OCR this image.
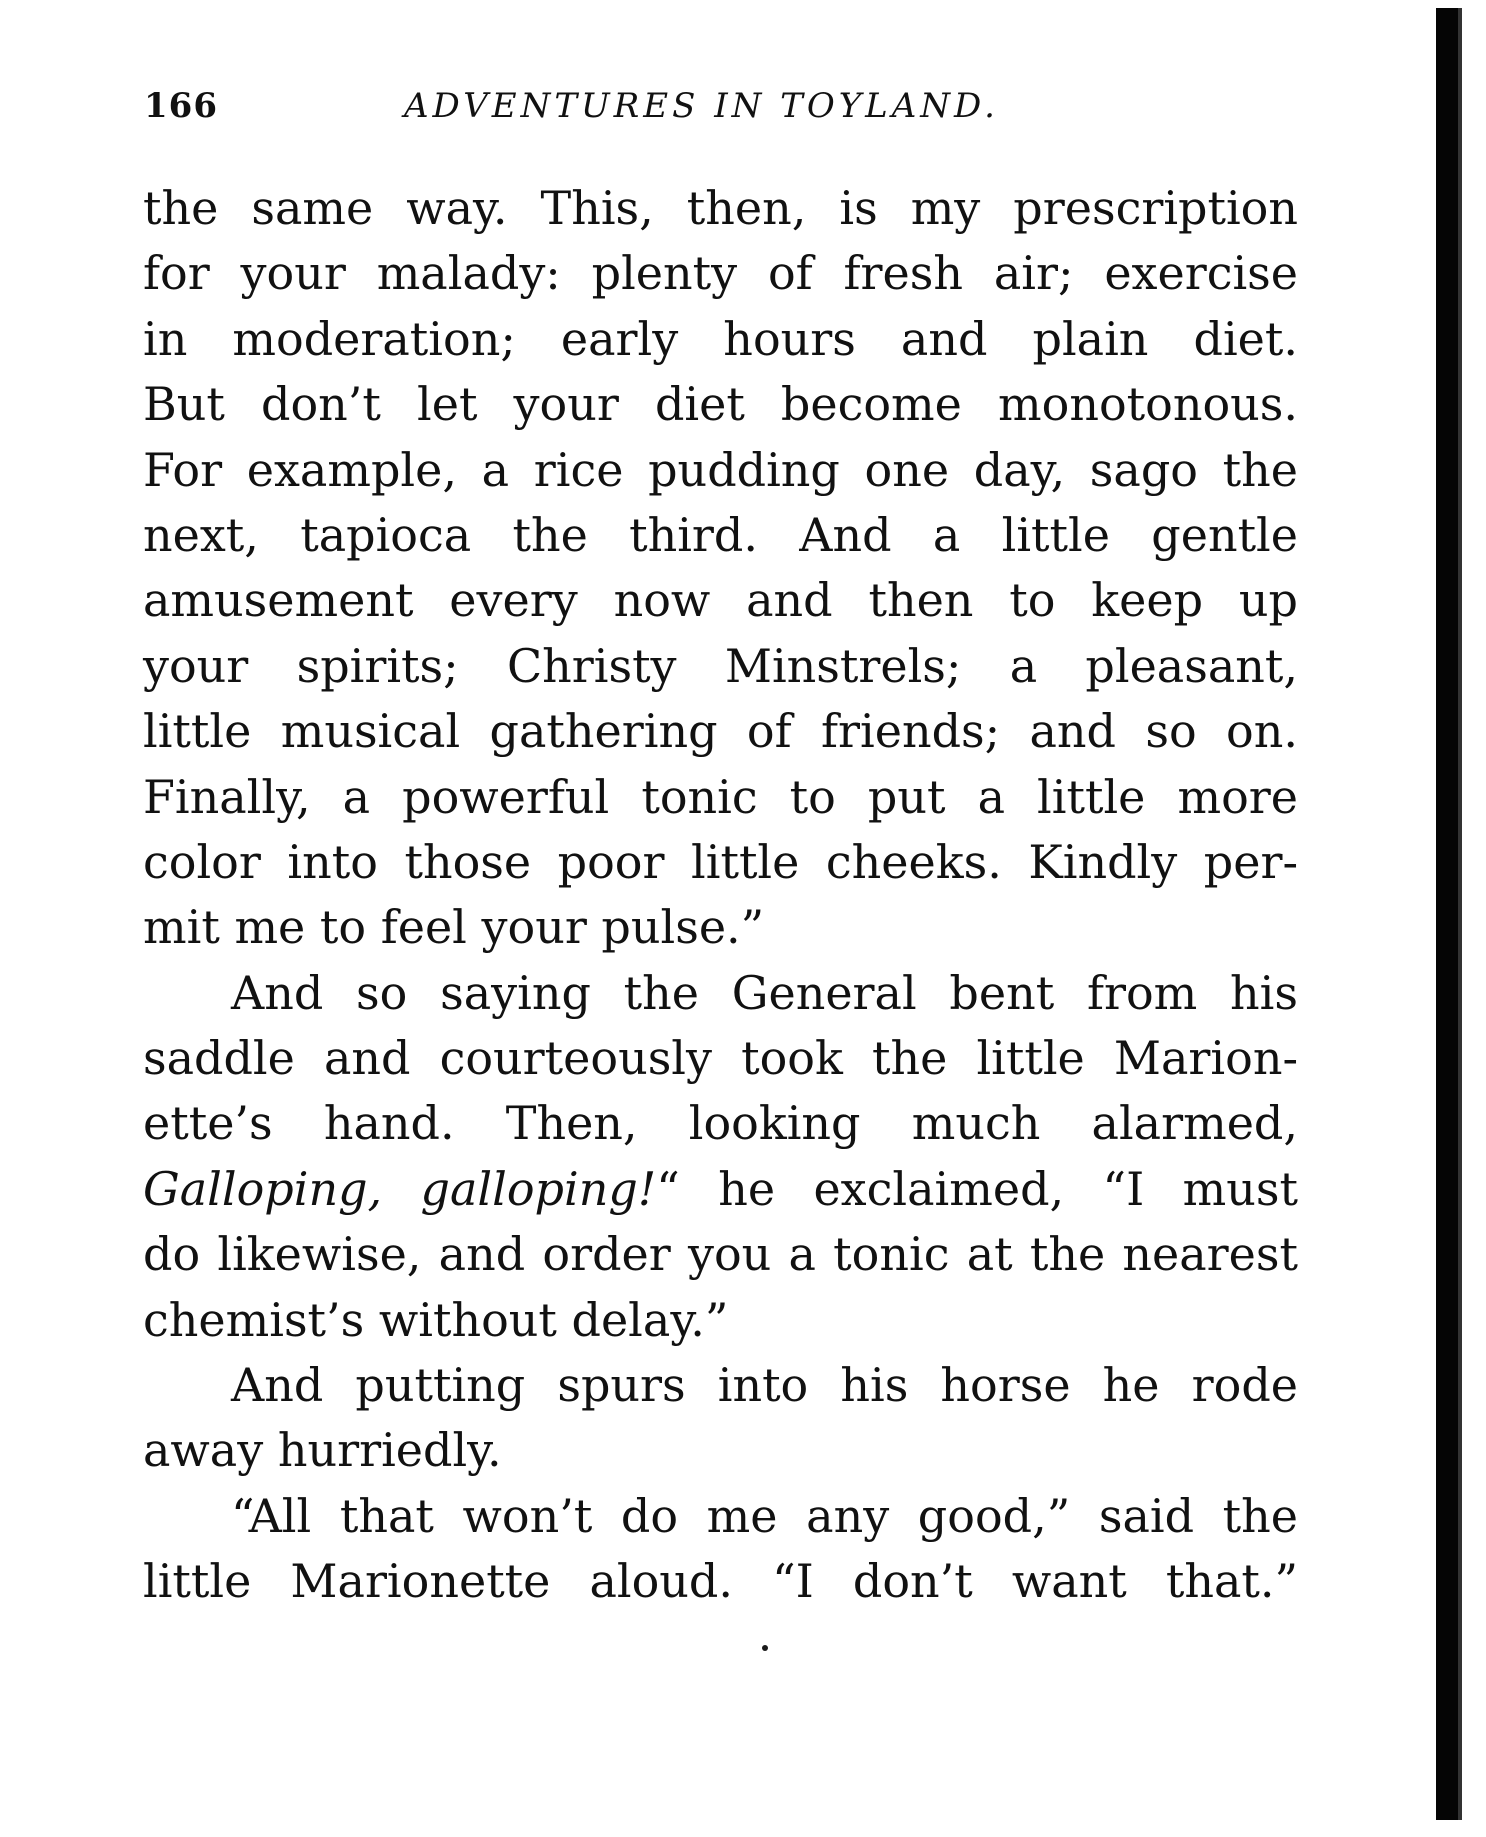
166	ADVENTURES IN TOYLAND.
the same way. This, then, is my prescription
for your malady: plenty of fresh air; exercise
in moderation; early hours and plain diet.
But don’t let your diet become monotonous.
For example, a rice pudding one day, sago the
next, tapioca the third. And a little gentle
amusement every now and then to keep up
your spirits; Christy Minstrels; a pleasant,
little musical gathering of friends; and so on.
Finally, a powerful tonic to put a little more
color into those poor little cheeks. Kindly per-
mit me to feel your pulse.”
And so saying the General bent from his
saddle and courteously took the little Marion-
ette’s hand. Then, looking much alarmed,
Galloping, galloping!“ he exclaimed, “I must
do likewise, and order you a tonic at the nearest
chemist’s without delay.”
And putting spurs into his horse he rode
away hurriedly.
“All that won’t do me any good,” said the
little Marionette aloud. “I don’t want that.”
